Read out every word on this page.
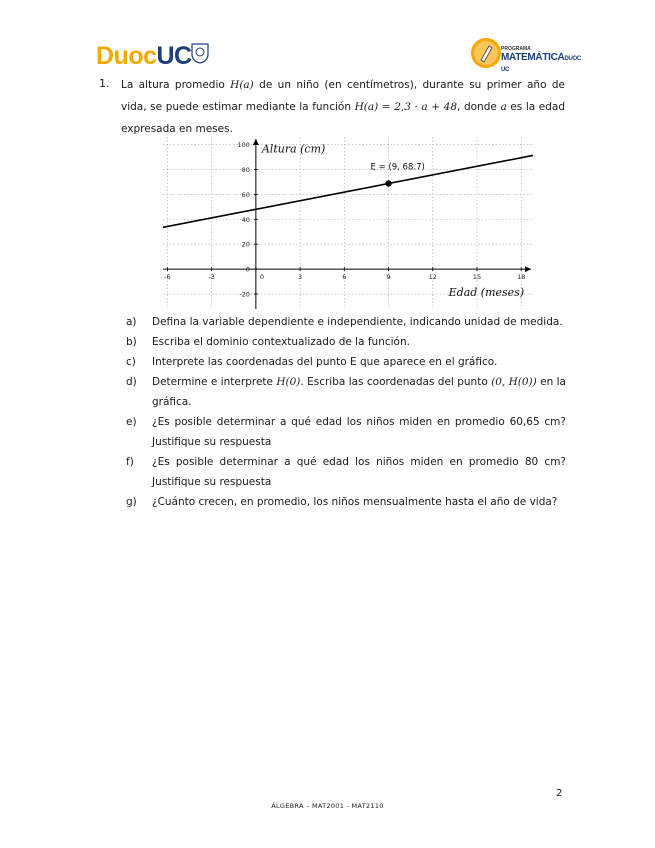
DuocUC	PROGRAMA
MATEMÁTICADUOC UC
1. La altura promedio H(a) de un niño (en centímetros), durante su primer año de vida, se puede estimar mediante la función H(a) = 2,3 · a + 48, donde a es la edad expresada en meses.
-6	-3	3	6	9	12	15	18
-20
0
20
40
60
80
100
0
E = (9, 68.7)
Altura (cm)
Edad (meses)
a) Defina la variable dependiente e independiente, indicando unidad de medida.
b) Escriba el dominio contextualizado de la función.
c) Interprete las coordenadas del punto E que aparece en el gráfico.
d) Determine e interprete H(0). Escriba las coordenadas del punto (0, H(0)) en la gráfica.
e) ¿Es posible determinar a qué edad los niños miden en promedio 60,65 cm? Justifique su respuesta
f) ¿Es posible determinar a qué edad los niños miden en promedio 80 cm? Justifique su respuesta
g) ¿Cuánto crecen, en promedio, los niños mensualmente hasta el año de vida?
2
ÁLGEBRA – MAT2001 - MAT2110
